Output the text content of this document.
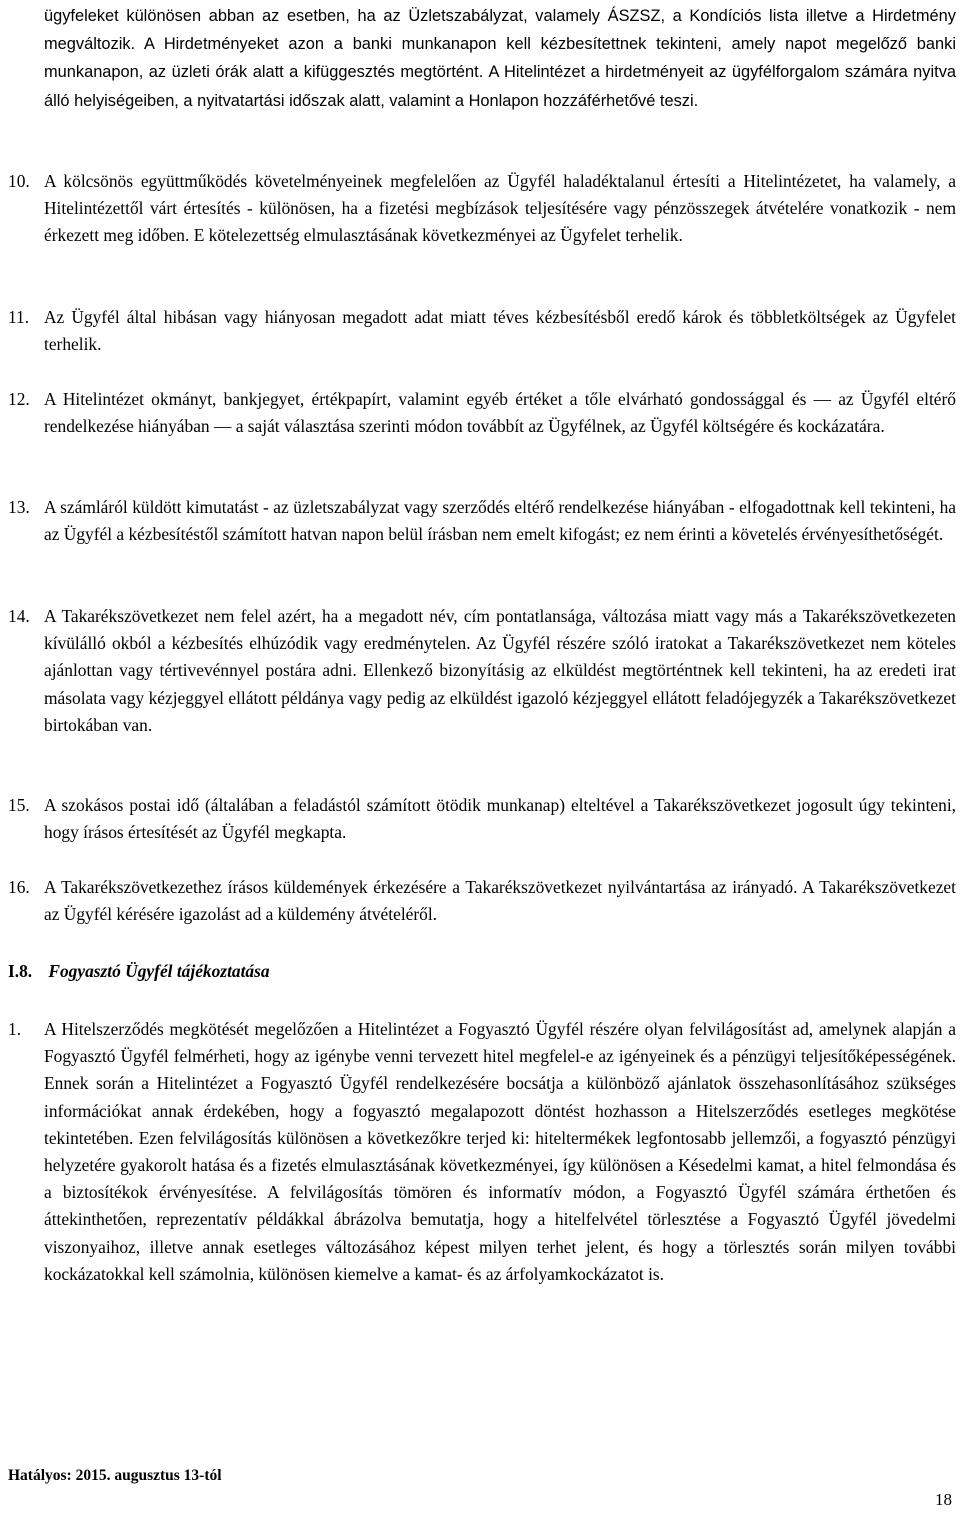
ügyfeleket különösen abban az esetben, ha az Üzletszabályzat, valamely ÁSZSZ, a Kondíciós lista illetve a Hirdetmény megváltozik. A Hirdetményeket azon a banki munkanapon kell kézbesítettnek tekinteni, amely napot megelőző banki munkanapon, az üzleti órák alatt a kifüggesztés megtörtént. A Hitelintézet a hirdetményeit az ügyfélforgalom számára nyitva álló helyiségeiben, a nyitvatartási időszak alatt, valamint a Honlapon hozzáférhetővé teszi.
10. A kölcsönös együttműködés követelményeinek megfelelően az Ügyfél haladéktalanul értesíti a Hitelintézetet, ha valamely, a Hitelintézettől várt értesítés - különösen, ha a fizetési megbízások teljesítésére vagy pénzösszegek átvételére vonatkozik - nem érkezett meg időben. E kötelezettség elmulasztásának következményei az Ügyfelet terhelik.
11. Az Ügyfél által hibásan vagy hiányosan megadott adat miatt téves kézbesítésből eredő károk és többletköltségek az Ügyfelet terhelik.
12. A Hitelintézet okmányt, bankjegyet, értékpapírt, valamint egyéb értéket a tőle elvárható gondossággal és — az Ügyfél eltérő rendelkezése hiányában — a saját választása szerinti módon továbbít az Ügyfélnek, az Ügyfél költségére és kockázatára.
13. A számláról küldött kimutatást - az üzletszabályzat vagy szerződés eltérő rendelkezése hiányában - elfogadottnak kell tekinteni, ha az Ügyfél a kézbesítéstől számított hatvan napon belül írásban nem emelt kifogást; ez nem érinti a követelés érvényesíthetőségét.
14. A Takarékszövetkezet nem felel azért, ha a megadott név, cím pontatlansága, változása miatt vagy más a Takarékszövetkezeten kívülálló okból a kézbesítés elhúzódik vagy eredménytelen. Az Ügyfél részére szóló iratokat a Takarékszövetkezet nem köteles ajánlottan vagy tértivevénnyel postára adni. Ellenkező bizonyításig az elküldést megtörténtnek kell tekinteni, ha az eredeti irat másolata vagy kézjeggyel ellátott példánya vagy pedig az elküldést igazoló kézjeggyel ellátott feladójegyzék a Takarékszövetkezet birtokában van.
15. A szokásos postai idő (általában a feladástól számított ötödik munkanap) elteltével a Takarékszövetkezet jogosult úgy tekinteni, hogy írásos értesítését az Ügyfél megkapta.
16. A Takarékszövetkezethez írásos küldemények érkezésére a Takarékszövetkezet nyilvántartása az irányadó. A Takarékszövetkezet az Ügyfél kérésére igazolást ad a küldemény átvételéről.
I.8. Fogyasztó Ügyfél tájékoztatása
1. A Hitelszerződés megkötését megelőzően a Hitelintézet a Fogyasztó Ügyfél részére olyan felvilágosítást ad, amelynek alapján a Fogyasztó Ügyfél felmérheti, hogy az igénybe venni tervezett hitel megfelel-e az igényeinek és a pénzügyi teljesítőképességének. Ennek során a Hitelintézet a Fogyasztó Ügyfél rendelkezésére bocsátja a különböző ajánlatok összehasonlításához szükséges információkat annak érdekében, hogy a fogyasztó megalapozott döntést hozhasson a Hitelszerződés esetleges megkötése tekintetében. Ezen felvilágosítás különösen a következőkre terjed ki: hiteltermékek legfontosabb jellemzői, a fogyasztó pénzügyi helyzetére gyakorolt hatása és a fizetés elmulasztásának következményei, így különösen a Késedelmi kamat, a hitel felmondása és a biztosítékok érvényesítése. A felvilágosítás tömören és informatív módon, a Fogyasztó Ügyfél számára érthetően és áttekinthetően, reprezentatív példákkal ábrázolva bemutatja, hogy a hitelfelvétel törlesztése a Fogyasztó Ügyfél jövedelmi viszonyaihoz, illetve annak esetleges változásához képest milyen terhet jelent, és hogy a törlesztés során milyen további kockázatokkal kell számolnia, különösen kiemelve a kamat- és az árfolyamkockázatot is.
Hatályos: 2015. augusztus 13-tól
18
